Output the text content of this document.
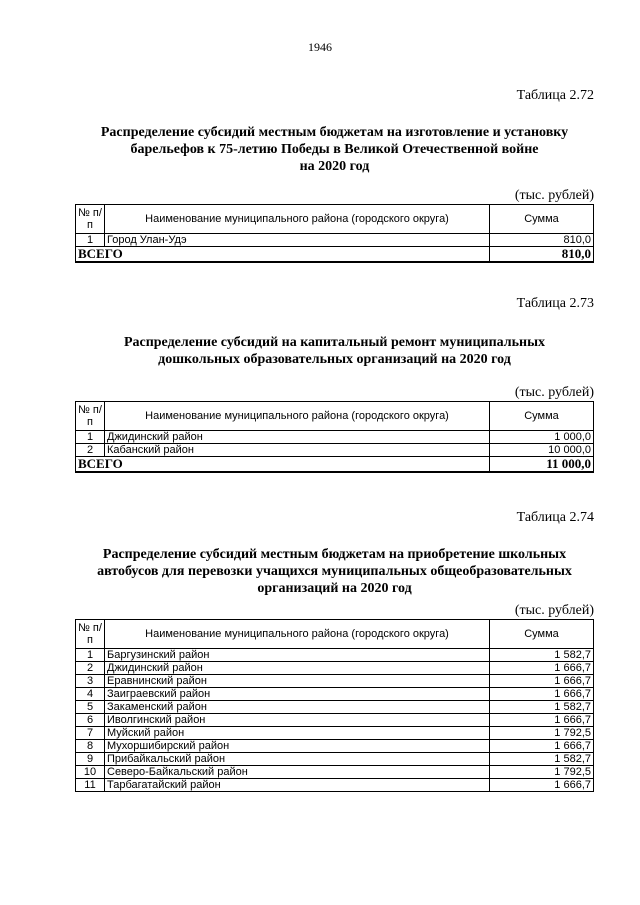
1946

Таблица 2.72

Распределение субсидий местным бюджетам на изготовление и установку

барельефов к 75-летию Победы в Великой Отечественной войне

на 2020 год

(тыс. рублей)

№ п/п	Наименование муниципального района (городского округа)	Сумма
1	Город Улан-Удэ	810,0
ВСЕГО		810,0

Таблица 2.73

Распределение субсидий на капитальный ремонт муниципальных

дошкольных образовательных организаций на 2020 год

(тыс. рублей)

№ п/п	Наименование муниципального района (городского округа)	Сумма
1	Джидинский район	1 000,0
2	Кабанский район	10 000,0
ВСЕГО		11 000,0

Таблица 2.74

Распределение субсидий местным бюджетам на приобретение школьных

автобусов для перевозки учащихся муниципальных общеобразовательных

организаций на 2020 год

(тыс. рублей)

№ п/п	Наименование муниципального района (городского округа)	Сумма
1	Баргузинский район	1 582,7
2	Джидинский район	1 666,7
3	Еравнинский район	1 666,7
4	Заиграевский район	1 666,7
5	Закаменский район	1 582,7
6	Иволгинский район	1 666,7
7	Муйский район	1 792,5
8	Мухоршибирский район	1 666,7
9	Прибайкальский район	1 582,7
10	Северо-Байкальский район	1 792,5
11	Тарбагатайский район	1 666,7
